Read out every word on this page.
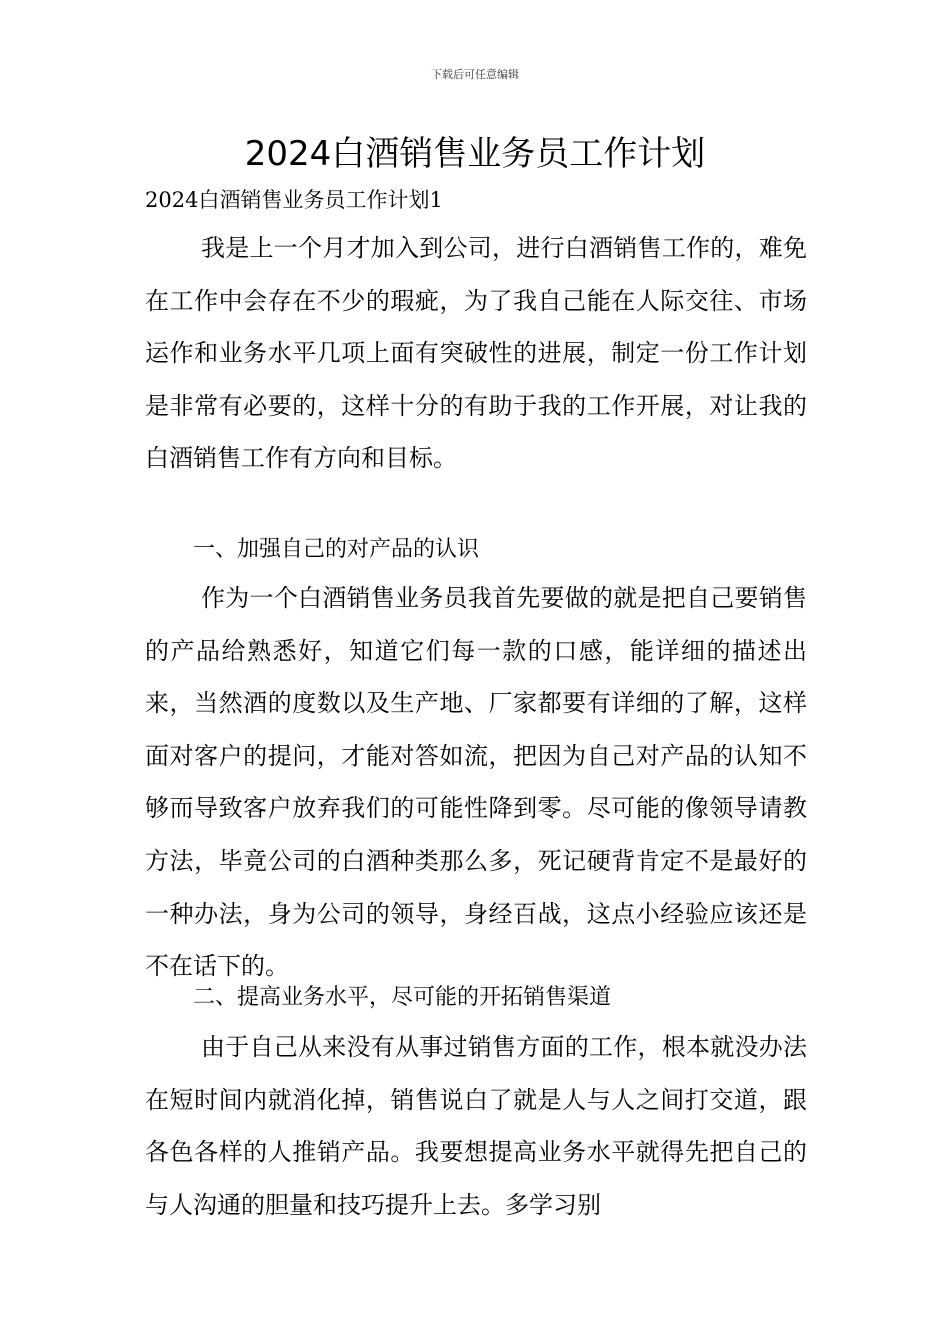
下载后可任意编辑
2024白酒销售业务员工作计划
2024白酒销售业务员工作计划1

我是上一个月才加入到公司，进行白酒销售工作的，难免在工作中会存在不少的瑕疵，为了我自己能在人际交往、市场运作和业务水平几项上面有突破性的进展，制定一份工作计划是非常有必要的，这样十分的有助于我的工作开展，对让我的白酒销售工作有方向和目标。

一、加强自己的对产品的认识

作为一个白酒销售业务员我首先要做的就是把自己要销售的产品给熟悉好，知道它们每一款的口感，能详细的描述出来，当然酒的度数以及生产地、厂家都要有详细的了解，这样面对客户的提问，才能对答如流，把因为自己对产品的认知不够而导致客户放弃我们的可能性降到零。尽可能的像领导请教方法，毕竟公司的白酒种类那么多，死记硬背肯定不是最好的一种办法，身为公司的领导，身经百战，这点小经验应该还是不在话下的。

二、提高业务水平，尽可能的开拓销售渠道

由于自己从来没有从事过销售方面的工作，根本就没办法在短时间内就消化掉，销售说白了就是人与人之间打交道，跟各色各样的人推销产品。我要想提高业务水平就得先把自己的与人沟通的胆量和技巧提升上去。多学习别
